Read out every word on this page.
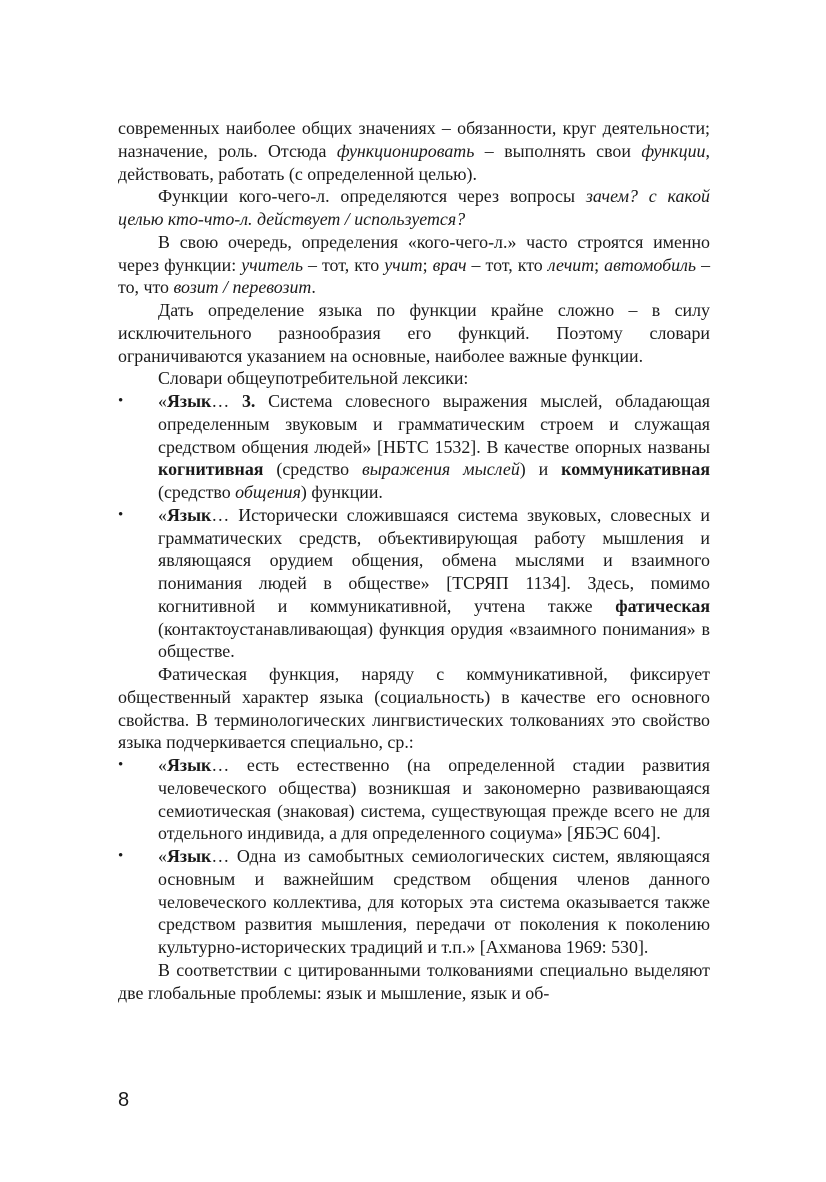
современных наиболее общих значениях – обязанности, круг деятельности; назначение, роль. Отсюда функционировать – выполнять свои функции, действовать, работать (с определенной целью).

Функции кого-чего-л. определяются через вопросы зачем? с какой целью кто-что-л. действует / используется?

В свою очередь, определения «кого-чего-л.» часто строятся именно через функции: учитель – тот, кто учит; врач – тот, кто лечит; автомобиль – то, что возит / перевозит.

Дать определение языка по функции крайне сложно – в силу исключительного разнообразия его функций. Поэтому словари ограничиваются указанием на основные, наиболее важные функции.

Словари общеупотребительной лексики:

• «Язык… 3. Система словесного выражения мыслей, обладающая определенным звуковым и грамматическим строем и служащая средством общения людей» [НБТС 1532]. В качестве опорных названы когнитивная (средство выражения мыслей) и коммуникативная (средство общения) функции.
• «Язык… Исторически сложившаяся система звуковых, словесных и грамматических средств, объективирующая работу мышления и являющаяся орудием общения, обмена мыслями и взаимного понимания людей в обществе» [ТСРЯП 1134]. Здесь, помимо когнитивной и коммуникативной, учтена также фатическая (контактоустанавливающая) функция орудия «взаимного понимания» в обществе.

Фатическая функция, наряду с коммуникативной, фиксирует общественный характер языка (социальность) в качестве его основного свойства. В терминологических лингвистических толкованиях это свойство языка подчеркивается специально, ср.:

• «Язык… есть естественно (на определенной стадии развития человеческого общества) возникшая и закономерно развивающаяся семиотическая (знаковая) система, существующая прежде всего не для отдельного индивида, а для определенного социума» [ЯБЭС 604].
• «Язык… Одна из самобытных семиологических систем, являющаяся основным и важнейшим средством общения членов данного человеческого коллектива, для которых эта система оказывается также средством развития мышления, передачи от поколения к поколению культурно-исторических традиций и т.п.» [Ахманова 1969: 530].

В соответствии с цитированными толкованиями специально выделяют две глобальные проблемы: язык и мышление, язык и об-

8
